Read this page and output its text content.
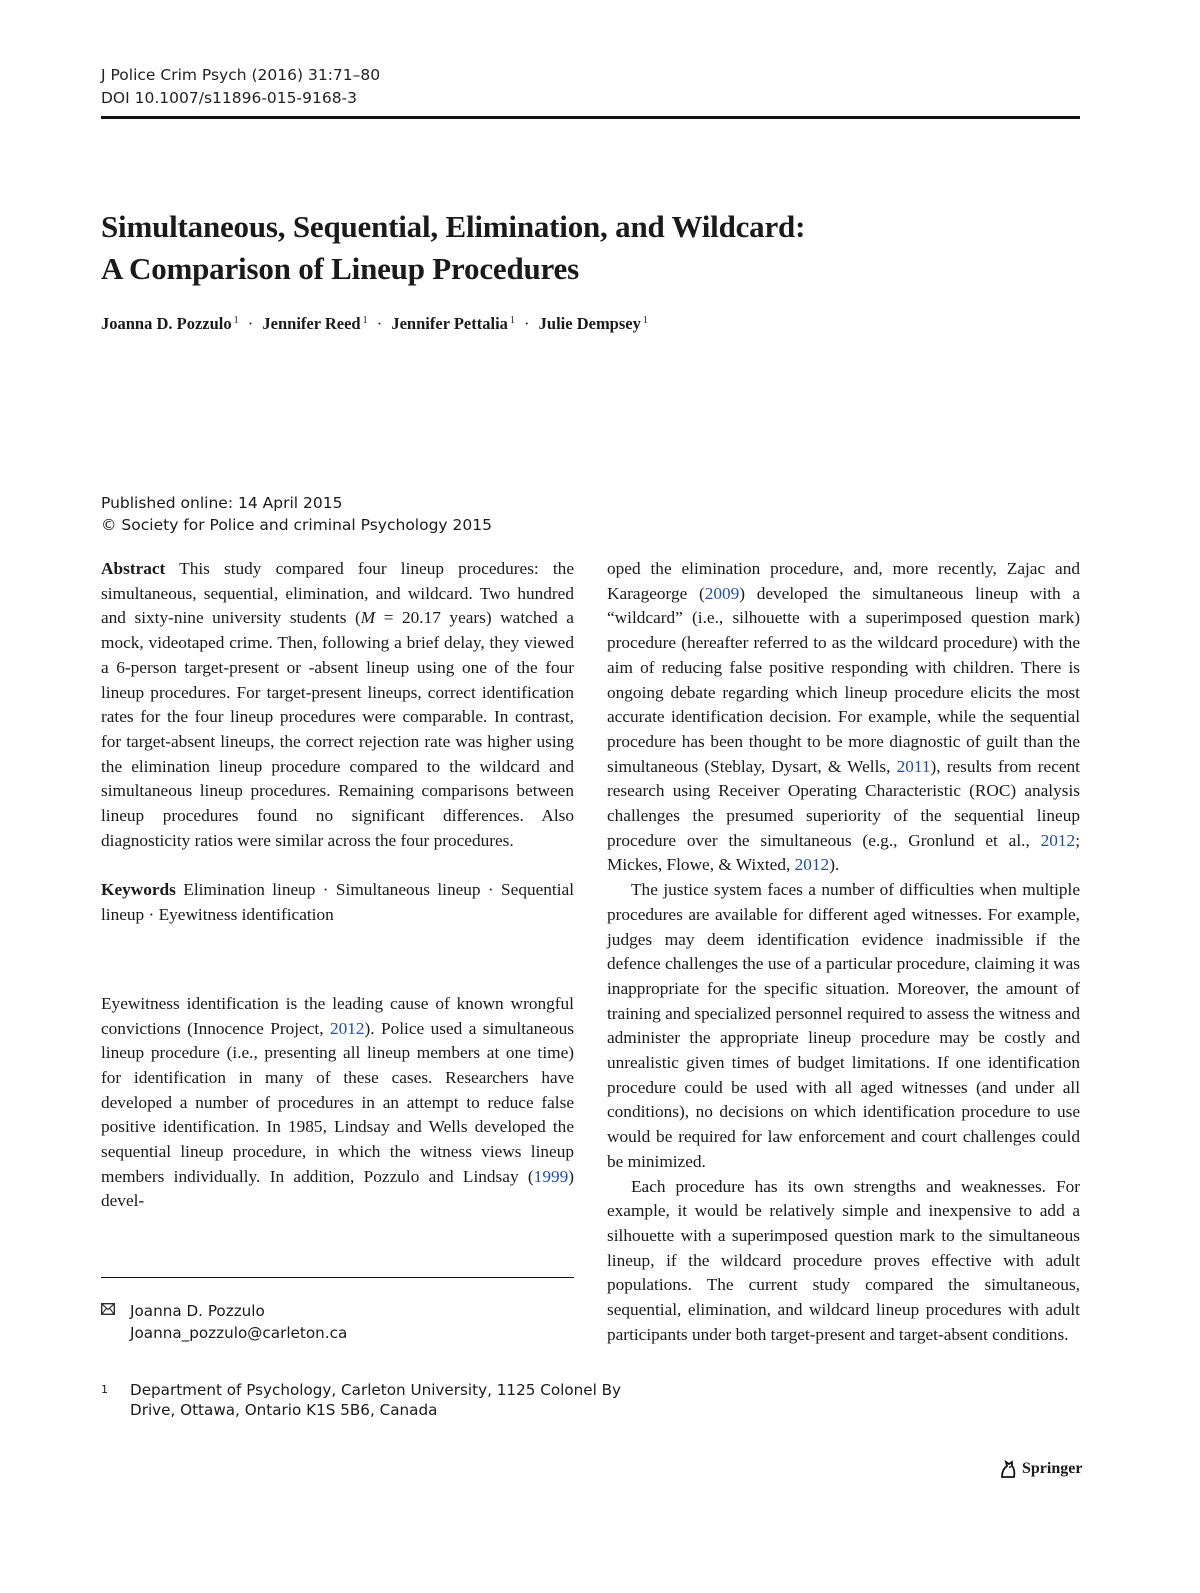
J Police Crim Psych (2016) 31:71–80
DOI 10.1007/s11896-015-9168-3
Simultaneous, Sequential, Elimination, and Wildcard:
A Comparison of Lineup Procedures
Joanna D. Pozzulo $^1$ · Jennifer Reed $^1$ · Jennifer Pettalia $^1$ · Julie Dempsey $^1$
Published online: 14 April 2015
© Society for Police and criminal Psychology 2015

Abstract This study compared four lineup procedures: the simultaneous, sequential, elimination, and wildcard. Two hundred and sixty-nine university students (M = 20.17 years) watched a mock, videotaped crime. Then, following a brief delay, they viewed a 6-person target-present or -absent lineup using one of the four lineup procedures. For target-present lineups, correct identification rates for the four lineup procedures were comparable. In contrast, for target-absent lineups, the correct rejection rate was higher using the elimination lineup procedure compared to the wildcard and simultaneous lineup procedures. Remaining comparisons between lineup procedures found no significant differences. Also diagnosticity ratios were similar across the four procedures.

Keywords Elimination lineup · Simultaneous lineup · Sequential lineup · Eyewitness identification

Eyewitness identification is the leading cause of known wrongful convictions (Innocence Project, 2012). Police used a simultaneous lineup procedure (i.e., presenting all lineup members at one time) for identification in many of these cases. Researchers have developed a number of procedures in an attempt to reduce false positive identification. In 1985, Lindsay and Wells developed the sequential lineup procedure, in which the witness views lineup members individually. In addition, Pozzulo and Lindsay (1999) devel-

oped the elimination procedure, and, more recently, Zajac and Karageorge (2009) developed the simultaneous lineup with a “wildcard” (i.e., silhouette with a superimposed question mark) procedure (hereafter referred to as the wildcard procedure) with the aim of reducing false positive responding with children. There is ongoing debate regarding which lineup procedure elicits the most accurate identification decision. For example, while the sequential procedure has been thought to be more diagnostic of guilt than the simultaneous (Steblay, Dysart, & Wells, 2011), results from recent research using Receiver Operating Characteristic (ROC) analysis challenges the presumed superiority of the sequential lineup procedure over the simultaneous (e.g., Gronlund et al., 2012; Mickes, Flowe, & Wixted, 2012).

The justice system faces a number of difficulties when multiple procedures are available for different aged witnesses. For example, judges may deem identification evidence inadmissible if the defence challenges the use of a particular procedure, claiming it was inappropriate for the specific situation. Moreover, the amount of training and specialized personnel required to assess the witness and administer the appropriate lineup procedure may be costly and unrealistic given times of budget limitations. If one identification procedure could be used with all aged witnesses (and under all conditions), no decisions on which identification procedure to use would be required for law enforcement and court challenges could be minimized.

Each procedure has its own strengths and weaknesses. For example, it would be relatively simple and inexpensive to add a silhouette with a superimposed question mark to the simultaneous lineup, if the wildcard procedure proves effective with adult populations. The current study compared the simultaneous, sequential, elimination, and wildcard lineup procedures with adult participants under both target-present and target-absent conditions.

Joanna D. Pozzulo
Joanna_pozzulo@carleton.ca
1	Department of Psychology, Carleton University, 1125 Colonel By
Drive, Ottawa, Ontario K1S 5B6, Canada
Springer
